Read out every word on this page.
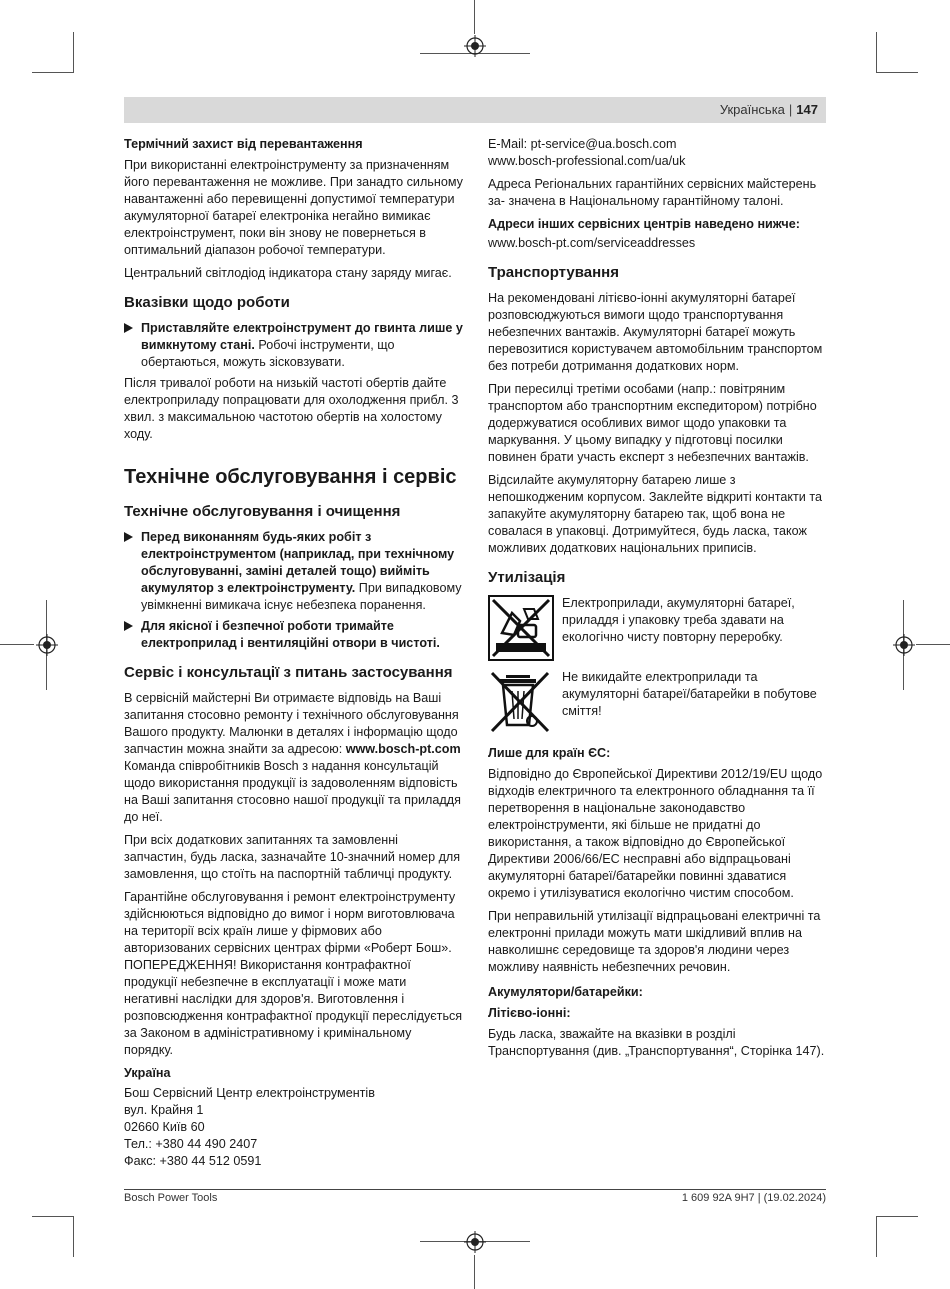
Українська | 147
Термічний захист від перевантаження

При використанні електроінструменту за призначенням його перевантаження не можливе. При занадто сильному навантаженні або перевищенні допустимої температури акумуляторної батареї електроніка негайно вимикає електроінструмент, поки він знову не повернеться в оптимальний діапазон робочої температури.

Центральний світлодіод індикатора стану заряду мигає.

Вказівки щодо роботи
Приставляйте електроінструмент до гвинта лише у вимкнутому стані. Робочі інструменти, що обертаються, можуть зісковзувати.

Після тривалої роботи на низькій частоті обертів дайте електроприладу попрацювати для охолодження прибл. 3 хвил. з максимальною частотою обертів на холостому ходу.

Технічне обслуговування і сервіс
Технічне обслуговування і очищення
Перед виконанням будь-яких робіт з електроінструментом (наприклад, при технічному обслуговуванні, заміні деталей тощо) вийміть акумулятор з електроінструменту. При випадковому увімкненні вимикача існує небезпека поранення.
Для якісної і безпечної роботи тримайте електроприлад і вентиляційні отвори в чистоті.
Сервіс і консультації з питань застосування

В сервісній майстерні Ви отримаєте відповідь на Ваші запитання стосовно ремонту і технічного обслуговування Вашого продукту. Малюнки в деталях і інформацію щодо запчастин можна знайти за адресою: www.bosch-pt.com
Команда співробітників Bosch з надання консультацій щодо використання продукції із задоволенням відповість на Ваші запитання стосовно нашої продукції та приладдя до неї.

При всіх додаткових запитаннях та замовленні запчастин, будь ласка, зазначайте 10-значний номер для замовлення, що стоїть на паспортній табличці продукту.

Гарантійне обслуговування і ремонт електроінструменту здійснюються відповідно до вимог і норм виготовлювача на території всіх країн лише у фірмових або авторизованих сервісних центрах фірми «Роберт Бош». ПОПЕРЕДЖЕННЯ! Використання контрафактної продукції небезпечне в експлуатації і може мати негативні наслідки для здоров'я. Виготовлення і розповсюдження контрафактної продукції переслідується за Законом в адміністративному і кримінальному порядку.

Україна

Бош Сервісний Центр електроінструментів

вул. Крайня 1

02660 Київ 60

Тел.: +380 44 490 2407

Факс: +380 44 512 0591

E-Mail: pt-service@ua.bosch.com

www.bosch-professional.com/ua/uk

Адреса Регіональних гарантійних сервісних майстерень за- значена в Національному гарантійному талоні.

Адреси інших сервісних центрів наведено нижче:

www.bosch-pt.com/serviceaddresses

Транспортування

На рекомендовані літієво-іонні акумуляторні батареї розповсюджуються вимоги щодо транспортування небезпечних вантажів. Акумуляторні батареї можуть перевозитися користувачем автомобільним транспортом без потреби дотримання додаткових норм.

При пересилці третіми особами (напр.: повітряним транспортом або транспортним експедитором) потрібно додержуватися особливих вимог щодо упаковки та маркування. У цьому випадку у підготовці посилки повинен брати участь експерт з небезпечних вантажів.

Відсилайте акумуляторну батарею лише з непошкодженим корпусом. Заклейте відкриті контакти та запакуйте акумуляторну батарею так, щоб вона не совалася в упаковці. Дотримуйтеся, будь ласка, також можливих додаткових національних приписів.

Утилізація
Електроприлади, акумуляторні батареї, приладдя і упаковку треба здавати на екологічно чисту повторну переробку.
Не викидайте електроприлади та акумуляторні батареї/батарейки в побутове сміття!
Лише для країн ЄС:

Відповідно до Європейської Директиви 2012/19/EU щодо відходів електричного та електронного обладнання та її перетворення в національне законодавство електроінструменти, які більше не придатні до використання, а також відповідно до Європейської Директиви 2006/66/EC несправні або відпрацьовані акумуляторні батареї/батарейки повинні здаватися окремо і утилізуватися екологічно чистим способом.

При неправильній утилізації відпрацьовані електричні та електронні прилади можуть мати шкідливий вплив на навколишнє середовище та здоров'я людини через можливу наявність небезпечних речовин.

Акумулятори/батарейки:
Літієво-іонні:

Будь ласка, зважайте на вказівки в розділі Транспортування (див. „Транспортування“, Сторінка 147).

Bosch Power Tools	1 609 92A 9H7 | (19.02.2024)
